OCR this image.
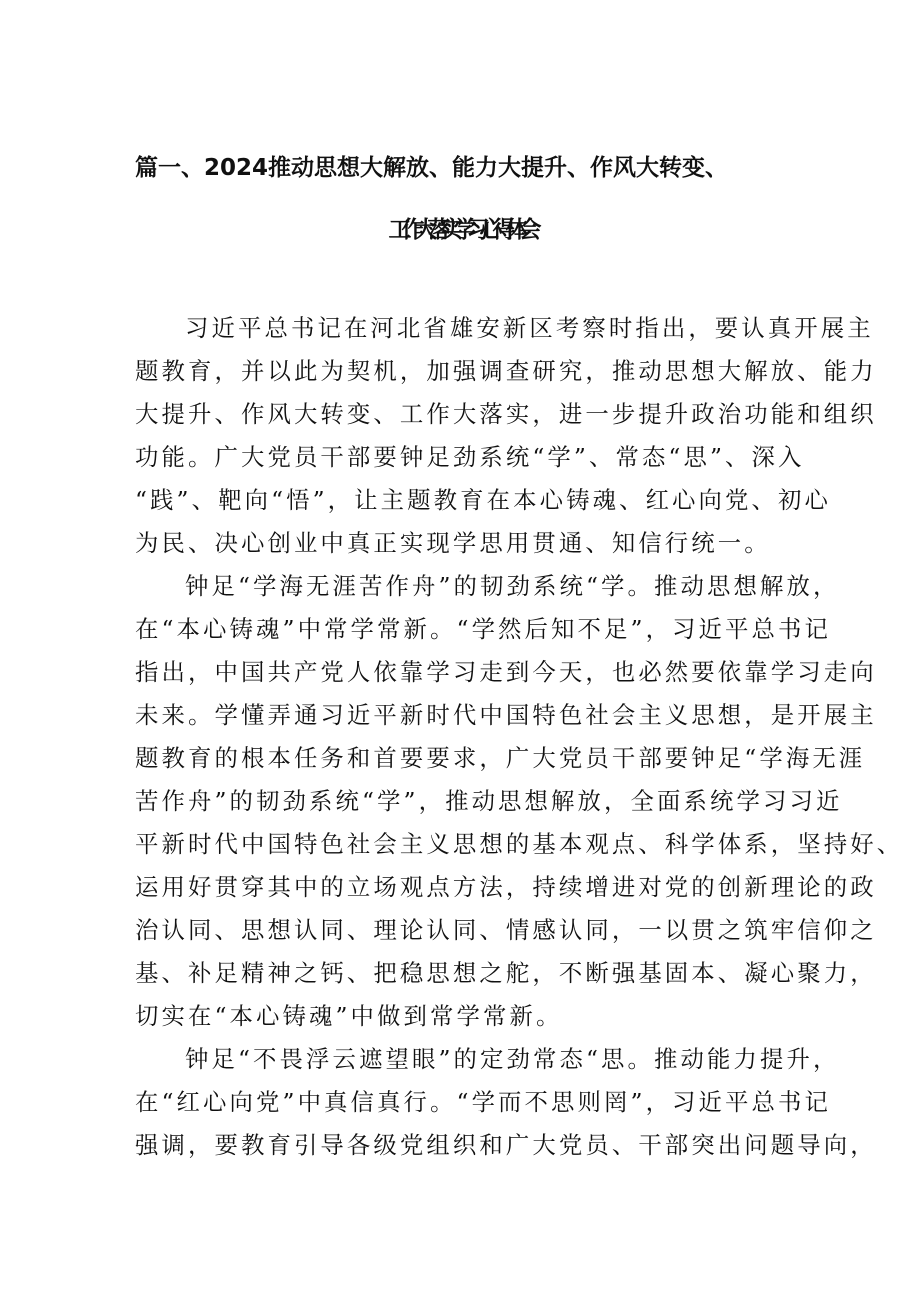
篇一、2024推动思想大解放、能力大提升、作风大转变、
工作大落实学习心得体会
习近平总书记在河北省雄安新区考察时指出，要认真开展主
题教育，并以此为契机，加强调查研究，推动思想大解放、能力
大提升、作风大转变、工作大落实，进一步提升政治功能和组织
功能。广大党员干部要钟足劲系统“学”、常态“思”、深入
“践”、靶向“悟”，让主题教育在本心铸魂、红心向党、初心
为民、决心创业中真正实现学思用贯通、知信行统一。
钟足“学海无涯苦作舟”的韧劲系统“学。推动思想解放，
在“本心铸魂”中常学常新。“学然后知不足”，习近平总书记
指出，中国共产党人依靠学习走到今天，也必然要依靠学习走向
未来。学懂弄通习近平新时代中国特色社会主义思想，是开展主
题教育的根本任务和首要要求，广大党员干部要钟足“学海无涯
苦作舟”的韧劲系统“学”，推动思想解放，全面系统学习习近
平新时代中国特色社会主义思想的基本观点、科学体系，坚持好、
运用好贯穿其中的立场观点方法，持续增进对党的创新理论的政
治认同、思想认同、理论认同、情感认同，一以贯之筑牢信仰之
基、补足精神之钙、把稳思想之舵，不断强基固本、凝心聚力，
切实在“本心铸魂”中做到常学常新。
钟足“不畏浮云遮望眼”的定劲常态“思。推动能力提升，
在“红心向党”中真信真行。“学而不思则罔”，习近平总书记
强调，要教育引导各级党组织和广大党员、干部突出问题导向，
